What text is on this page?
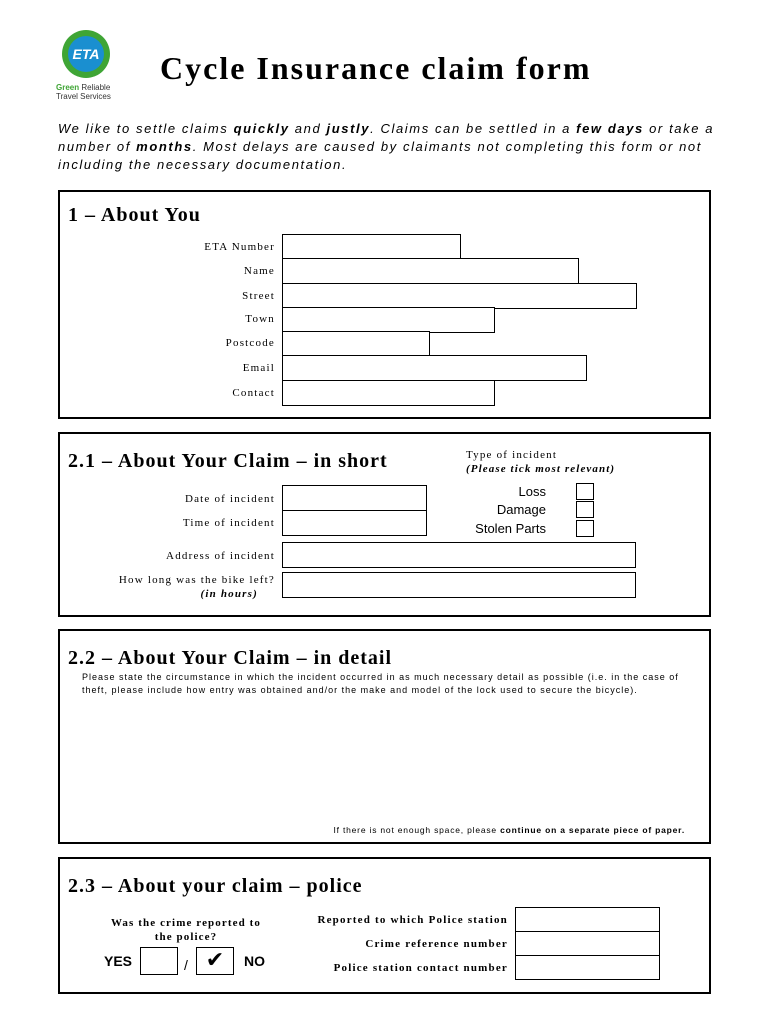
ETA
Green Reliable
Travel Services
Cycle Insurance claim form
We like to settle claims quickly and justly. Claims can be settled in a few days or take a number of months. Most delays are caused by claimants not completing this form or not including the necessary documentation.
1 – About You
ETA Number
Name
Street
Town
Postcode
Email
Contact
2.1 – About Your Claim – in short	Type of incident
(Please tick most relevant)
Loss
Damage
Stolen Parts
Date of incident
Time of incident
Address of incident
How long was the bike left?
(in hours)
2.2 – About Your Claim – in detail
Please state the circumstance in which the incident occurred in as much necessary detail as possible (i.e. in the case of theft, please include how entry was obtained and/or the make and model of the lock used to secure the bicycle).
If there is not enough space, please continue on a separate piece of paper.
2.3 – About your claim – police
Was the crime reported to
the police?
YES	/ ✔	NO
Reported to which Police station
Crime reference number
Police station contact number
